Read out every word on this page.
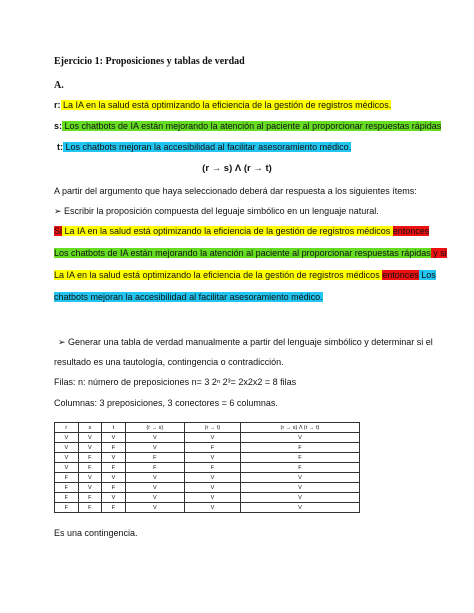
Ejercicio 1: Proposiciones y tablas de verdad
A.
r: La IA en la salud está optimizando la eficiencia de la gestión de registros médicos.
s: Los chatbots de IA están mejorando la atención al paciente al proporcionar respuestas rápidas
t: Los chatbots mejoran la accesibilidad al facilitar asesoramiento médico.
(r → s) Λ (r → t)
A partir del argumento que haya seleccionado deberá dar respuesta a los siguientes ítems:
➢ Escribir la proposición compuesta del leguaje simbólico en un lenguaje natural.
Si La IA en la salud está optimizando la eficiencia de la gestión de registros médicos entonces
Los chatbots de IA están mejorando la atención al paciente al proporcionar respuestas rápidas y si
La IA en la salud está optimizando la eficiencia de la gestión de registros médicos entonces Los
chatbots mejoran la accesibilidad al facilitar asesoramiento médico.
➢ Generar una tabla de verdad manualmente a partir del lenguaje simbólico y determinar si el
resultado es una tautología, contingencia o contradicción.
Filas: n: número de preposiciones n= 3 2ⁿ 2³= 2x2x2 = 8 filas
Columnas: 3 preposiciones, 3 conectores = 6 columnas.
r	s	t	(r → s)	(r → t)	(r → s) Λ (r → t)
V	V	V	V	V	V
V	V	F	V	F	F
V	F	V	F	V	F
V	F	F	F	F	F
F	V	V	V	V	V
F	V	F	V	V	V
F	F	V	V	V	V
F	F	F	V	V	V
Es una contingencia.
